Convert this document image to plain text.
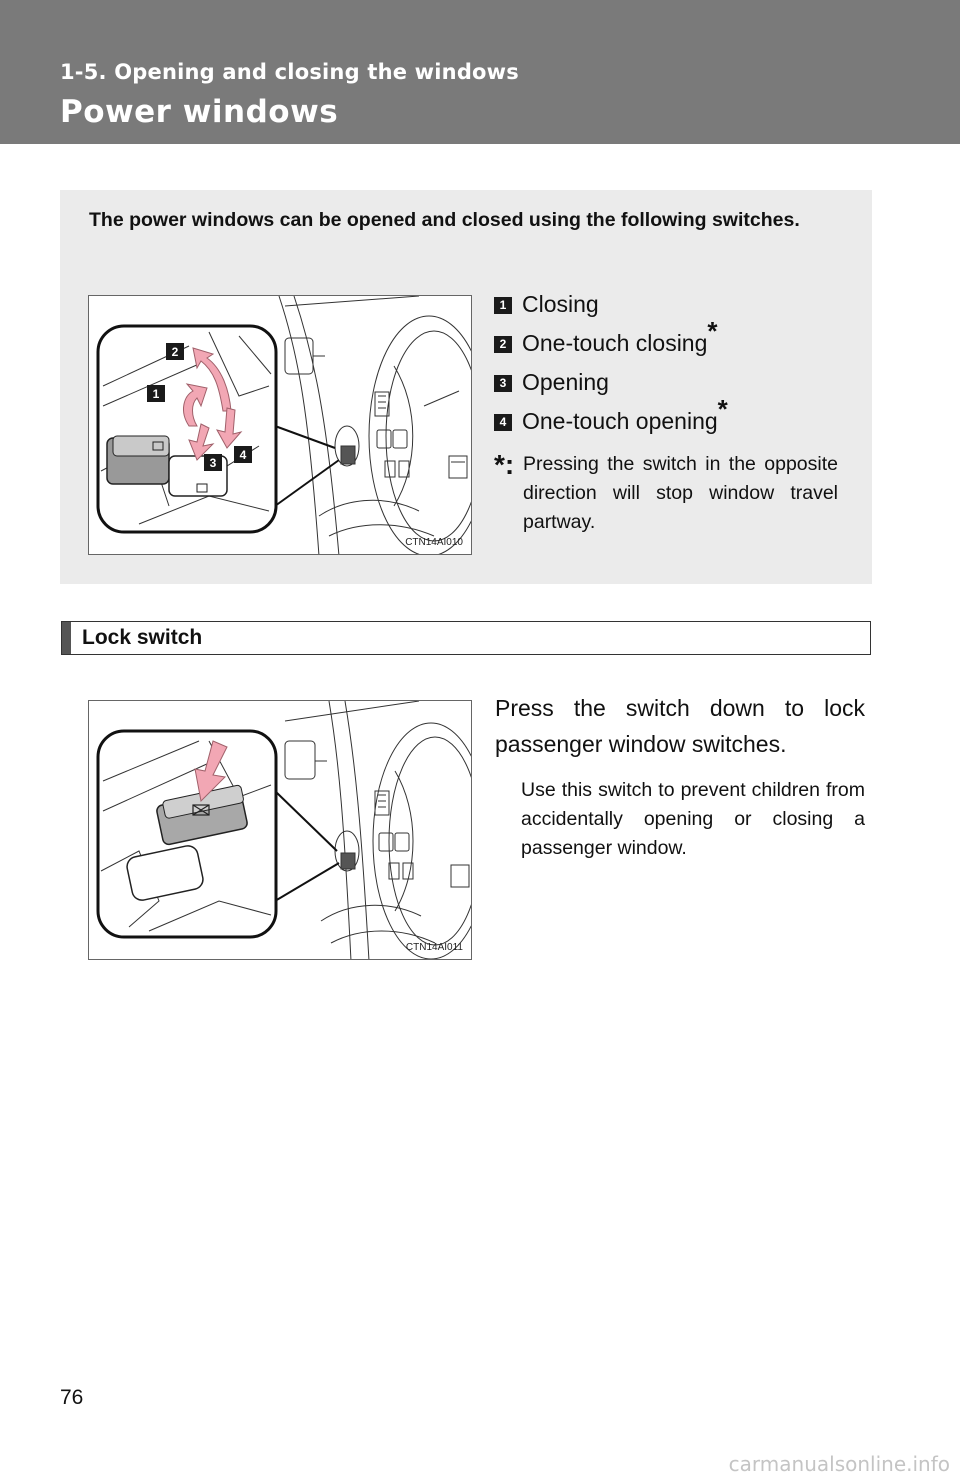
1-5. Opening and closing the windows
Power windows
The power windows can be opened and closed using the following switches.
2
1
3
4
CTN14AI010
1 Closing
2 One-touch closing*
3 Opening
4 One-touch opening*
*: Pressing the switch in the opposite direction will stop window travel partway.
Lock switch
CTN14AI011
Press the switch down to lock passenger window switches.
Use this switch to prevent children from accidentally opening or closing a passenger window.
76
carmanualsonline.info
